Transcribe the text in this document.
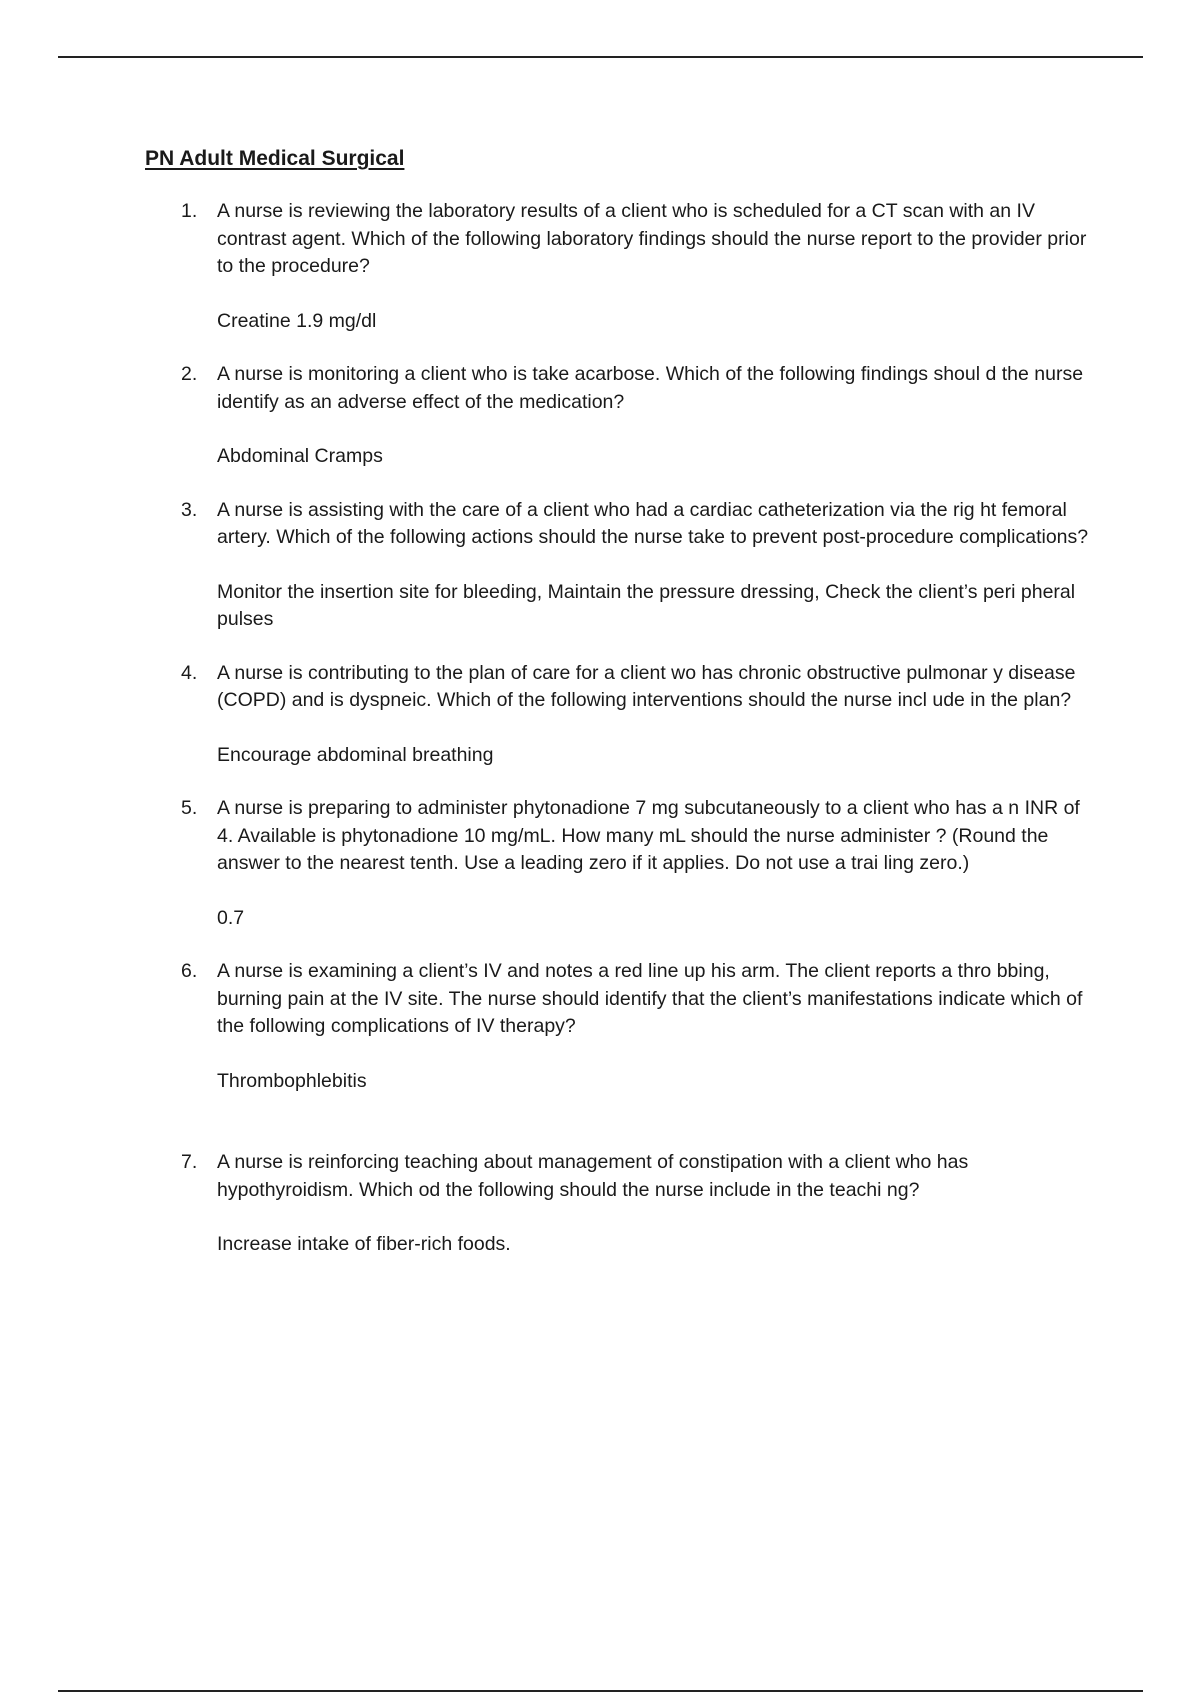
PN Adult Medical Surgical
1.	A nurse is reviewing the laboratory results of a client who is scheduled for a CT scan with an IV contrast agent. Which of the following laboratory findings should the nurse report to the provider prior to the procedure?
Creatine 1.9 mg/dl
2.	A nurse is monitoring a client who is take acarbose. Which of the following findings shoul d the nurse identify as an adverse effect of the medication?
Abdominal Cramps
3.	A nurse is assisting with the care of a client who had a cardiac catheterization via the rig ht femoral artery. Which of the following actions should the nurse take to prevent post-procedure complications?
Monitor the insertion site for bleeding, Maintain the pressure dressing, Check the client’s peri pheral pulses
4.	A nurse is contributing to the plan of care for a client wo has chronic obstructive pulmonar y disease (COPD) and is dyspneic. Which of the following interventions should the nurse incl ude in the plan?
Encourage abdominal breathing
5.	A nurse is preparing to administer phytonadione 7 mg subcutaneously to a client who has a n INR of 4. Available is phytonadione 10 mg/mL. How many mL should the nurse administer ? (Round the answer to the nearest tenth. Use a leading zero if it applies. Do not use a trai ling zero.)
0.7
6.	A nurse is examining a client’s IV and notes a red line up his arm. The client reports a thro bbing, burning pain at the IV site. The nurse should identify that the client’s manifestations indicate which of the following complications of IV therapy?
Thrombophlebitis
7.	A nurse is reinforcing teaching about management of constipation with a client who has hypothyroidism. Which od the following should the nurse include in the teachi ng?
Increase intake of fiber-rich foods.
